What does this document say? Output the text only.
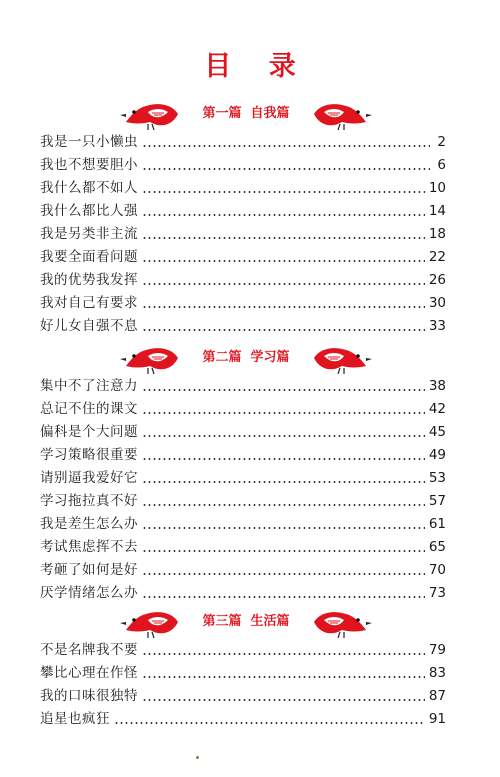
目 录
第一篇  自我篇
我是一只小懒虫	2
我也不想要胆小	6
我什么都不如人	10
我什么都比人强	14
我是另类非主流	18
我要全面看问题	22
我的优势我发挥	26
我对自己有要求	30
好儿女自强不息	33
第二篇  学习篇
集中不了注意力	38
总记不住的课文	42
偏科是个大问题	45
学习策略很重要	49
请别逼我爱好它	53
学习拖拉真不好	57
我是差生怎么办	61
考试焦虑挥不去	65
考砸了如何是好	70
厌学情绪怎么办	73
第三篇  生活篇
不是名牌我不要	79
攀比心理在作怪	83
我的口味很独特	87
追星也疯狂	91
